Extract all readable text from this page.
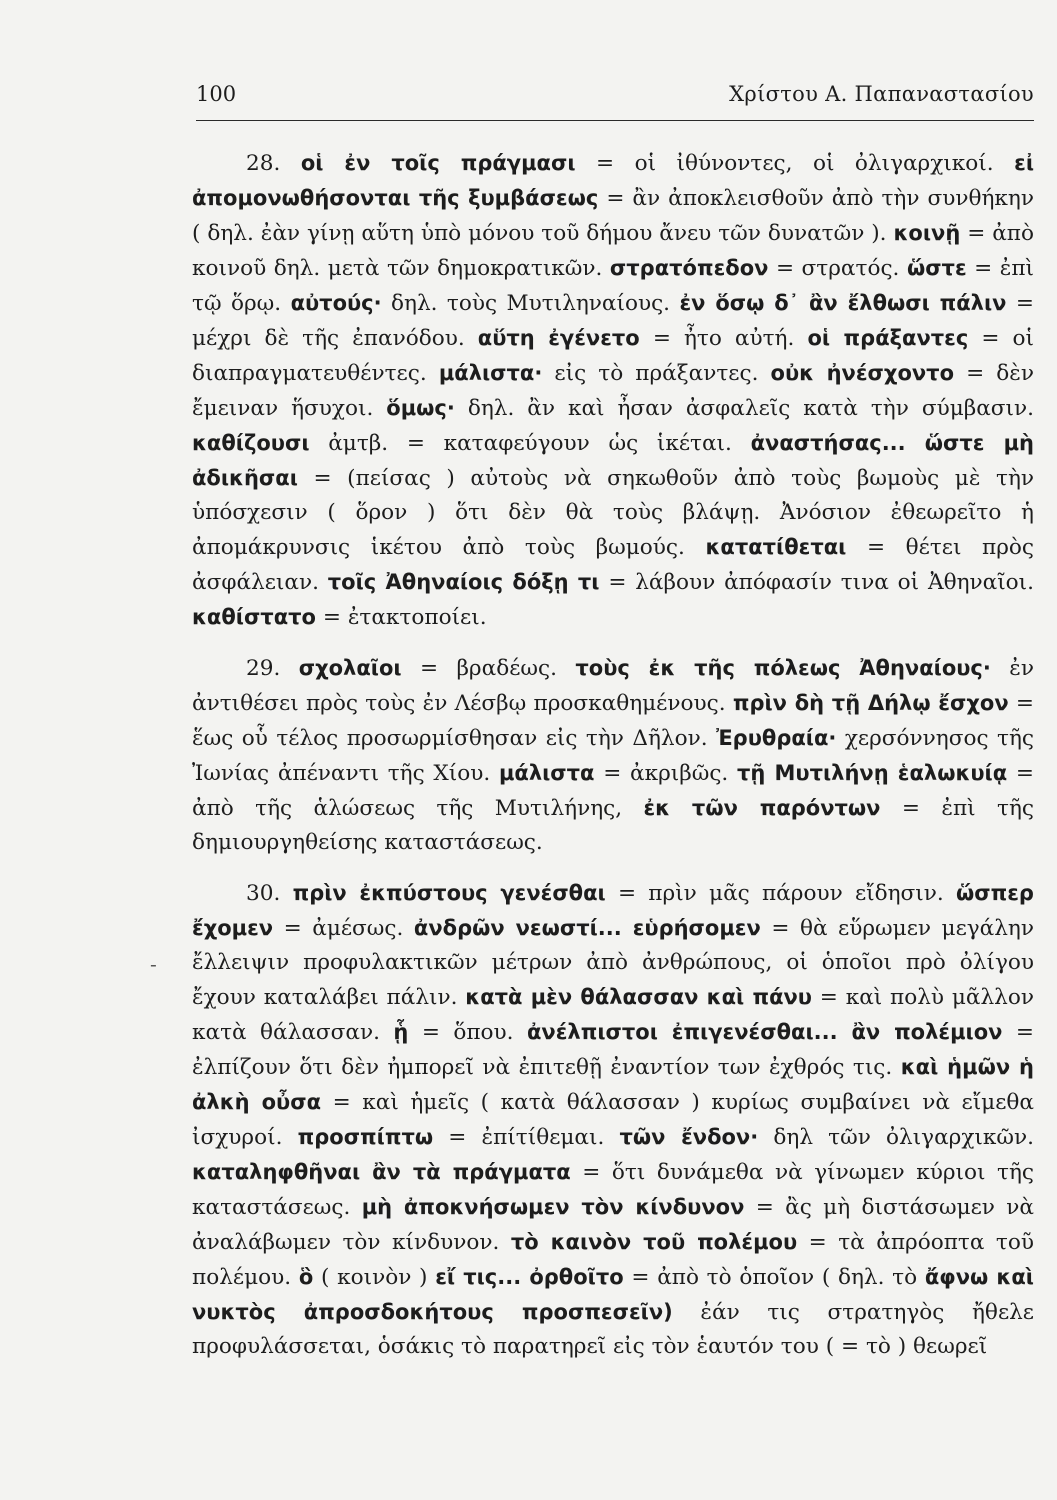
100	Χρίστου Α. Παπαναστασίου
-

28. οἱ ἐν τοῖς πράγμασι = οἱ ἰθύνοντες, οἱ ὀλιγαρχικοί. εἰ ἀπομονωθήσονται τῆς ξυμβάσεως = ἂν ἀποκλεισθοῦν ἀπὸ τὴν συνθήκην ( δηλ. ἐὰν γίνῃ αὕτη ὑπὸ μόνου τοῦ δήμου ἄνευ τῶν δυνατῶν ). κοινῇ = ἀπὸ κοινοῦ δηλ. μετὰ τῶν δημοκρατικῶν. στρατόπεδον = στρατός. ὥστε = ἐπὶ τῷ ὅρῳ. αὐτούς· δηλ. τοὺς Μυτιληναίους. ἐν ὅσῳ δ᾽ ἂν ἔλθωσι πάλιν = μέχρι δὲ τῆς ἐπανόδου. αὕτη ἐγένετο = ἦτο αὐτή. οἱ πράξαντες = οἱ διαπραγματευθέντες. μάλιστα· εἰς τὸ πράξαντες. οὐκ ἠνέσχοντο = δὲν ἔμειναν ἥσυχοι. ὅμως· δηλ. ἂν καὶ ἦσαν ἀσφαλεῖς κατὰ τὴν σύμβασιν. καθίζουσι ἀμτβ. = καταφεύγουν ὡς ἱκέται. ἀναστήσας... ὥστε μὴ ἀδικῆσαι = (πείσας ) αὐτοὺς νὰ σηκωθοῦν ἀπὸ τοὺς βωμοὺς μὲ τὴν ὑπόσχεσιν ( ὅρον ) ὅτι δὲν θὰ τοὺς βλάψῃ. Ἀνόσιον ἐθεωρεῖτο ἡ ἀπομάκρυνσις ἱκέτου ἀπὸ τοὺς βωμούς. κατατίθεται = θέτει πρὸς ἀσφάλειαν. τοῖς Ἀθηναίοις δόξῃ τι = λάβουν ἀπόφασίν τινα οἱ Ἀθηναῖοι. καθίστατο = ἐτακτοποίει.

29. σχολαῖοι = βραδέως. τοὺς ἐκ τῆς πόλεως Ἀθηναίους· ἐν ἀντιθέσει πρὸς τοὺς ἐν Λέσβῳ προσκαθημένους. πρὶν δὴ τῇ Δήλῳ ἔσχον = ἕως οὗ τέλος προσωρμίσθησαν εἰς τὴν Δῆλον. Ἐρυθραία· χερσόννησος τῆς Ἰωνίας ἀπέναντι τῆς Χίου. μάλιστα = ἀκριβῶς. τῇ Μυτιλήνῃ ἑαλωκυίᾳ = ἀπὸ τῆς ἁλώσεως τῆς Μυτιλήνης, ἐκ τῶν παρόντων = ἐπὶ τῆς δημιουργηθείσης καταστάσεως.

30. πρὶν ἐκπύστους γενέσθαι = πρὶν μᾶς πάρουν εἴδησιν. ὥσπερ ἔχομεν = ἀμέσως. ἀνδρῶν νεωστί... εὑρήσομεν = θὰ εὕρωμεν μεγάλην ἔλλειψιν προφυλακτικῶν μέτρων ἀπὸ ἀνθρώπους, οἱ ὁποῖοι πρὸ ὀλίγου ἔχουν καταλάβει πάλιν. κατὰ μὲν θάλασσαν καὶ πάνυ = καὶ πολὺ μᾶλλον κατὰ θάλασσαν. ᾗ = ὅπου. ἀνέλπιστοι ἐπιγενέσθαι... ἂν πολέμιον = ἐλπίζουν ὅτι δὲν ἠμπορεῖ νὰ ἐπιτεθῇ ἐναντίον των ἐχθρός τις. καὶ ἡμῶν ἡ ἀλκὴ οὖσα = καὶ ἡμεῖς ( κατὰ θάλασσαν ) κυρίως συμβαίνει νὰ εἴμεθα ἰσχυροί. προσπίπτω = ἐπίτίθεμαι. τῶν ἔνδον· δηλ τῶν ὀλιγαρχικῶν. καταληφθῆναι ἂν τὰ πράγματα = ὅτι δυνάμεθα νὰ γίνωμεν κύριοι τῆς καταστάσεως. μὴ ἀποκνήσωμεν τὸν κίνδυνον = ἂς μὴ διστάσωμεν νὰ ἀναλάβωμεν τὸν κίνδυνον. τὸ καινὸν τοῦ πολέμου = τὰ ἀπρόοπτα τοῦ πολέμου. ὃ ( κοινὸν ) εἴ τις... ὀρθοῖτο = ἀπὸ τὸ ὁποῖον ( δηλ. τὸ ἄφνω καὶ νυκτὸς ἀπροσδοκήτους προσπεσεῖν) ἐάν τις στρατηγὸς ἤθελε προφυλάσσεται, ὁσάκις τὸ παρατηρεῖ εἰς τὸν ἑαυτόν του ( = τὸ ) θεωρεῖ
